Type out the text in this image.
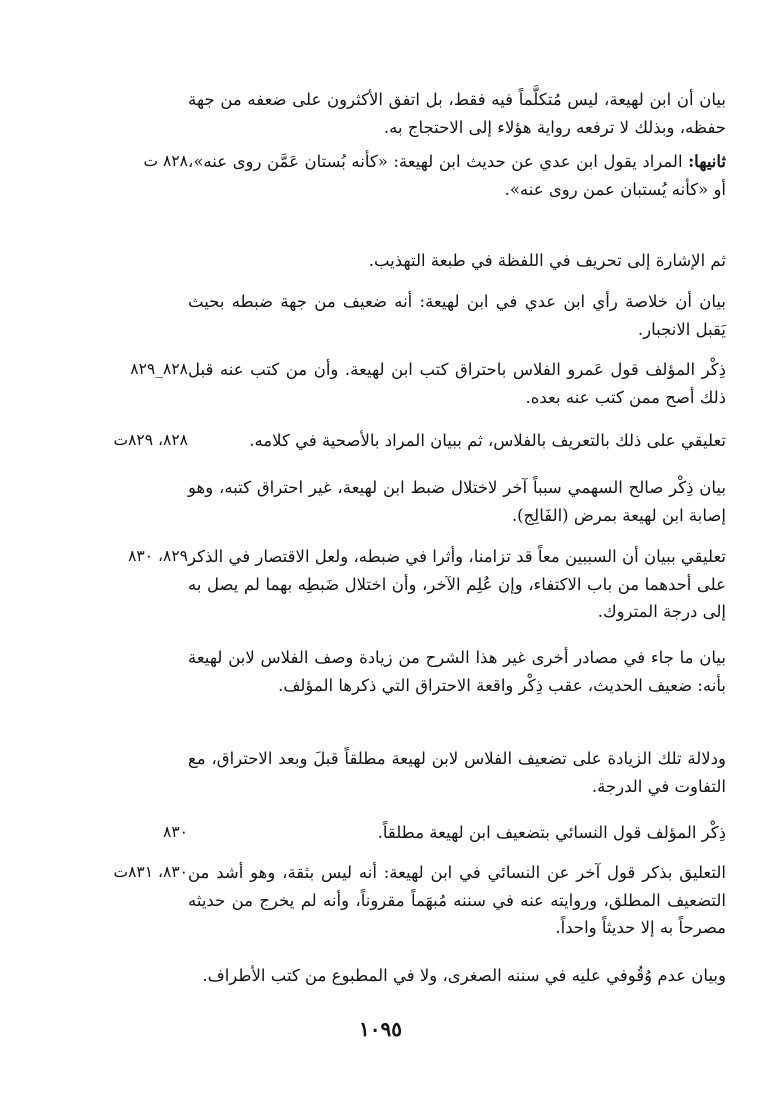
بيان أن ابن لهيعة، ليس مُتكلَّماً فيه فقط، بل اتفق الأكثرون على ضعفه من جهة حفظه، وبذلك لا ترفعه رواية هؤلاء إلى الاحتجاج به.
ثانيها: المراد يقول ابن عدي عن حديث ابن لهيعة: «كأنه بُستان عَمَّن روى عنه»، أو «كأنه يُستبان عمن روى عنه».
٨٢٨ ت
ثم الإشارة إلى تحريف في اللفظة في طبعة التهذيب.
بيان أن خلاصة رأي ابن عدي في ابن لهيعة: أنه ضعيف من جهة ضبطه بحيث يَقبل الانجبار.
ذِكْر المؤلف قول عَمرو الفلاس باحتراق كتب ابن لهيعة. وأن من كتب عنه قبل ذلك أصح ممن كتب عنه بعده.
٨٢٨_٨٢٩
تعليقي على ذلك بالتعريف بالفلاس، ثم ببيان المراد بالأصحية في كلامه.
٨٢٨، ٨٢٩ت
بيان ذِكْر صالح السهمي سبباً آخر لاختلال ضبط ابن لهيعة، غير احتراق كتبه، وهو إصابة ابن لهيعة بمرض (الفَالِج).
تعليقي ببيان أن السببين معاً قد تزامنا، وأثرا في ضبطه، ولعل الاقتصار في الذكر على أحدهما من باب الاكتفاء، وإن عُلِم الآخر، وأن اختلال ضَبطِه بهما لم يصل به إلى درجة المتروك.
٨٢٩، ٨٣٠
بيان ما جاء في مصادر أخرى غير هذا الشرح من زيادة وصف الفلاس لابن لهيعة بأنه: ضعيف الحديث، عقب ذِكْر واقعة الاحتراق التي ذكرها المؤلف.
ودلالة تلك الزيادة على تضعيف الفلاس لابن لهيعة مطلقاً قبلَ وبعد الاحتراق، مع التفاوت في الدرجة.
ذِكْر المؤلف قول النسائي بتضعيف ابن لهيعة مطلقاً.
٨٣٠
التعليق بذكر قول آخر عن النسائي في ابن لهيعة: أنه ليس بثقة، وهو أشد من التضعيف المطلق، وروايته عنه في سننه مُبهَماً مقروناً، وأنه لم يخرج من حديثه مصرحاً به إلا حديثاً واحداً.
٨٣٠، ٨٣١ت
وبيان عدم وُقُوفي عليه في سننه الصغرى، ولا في المطبوع من كتب الأطراف.
١٠٩٥
